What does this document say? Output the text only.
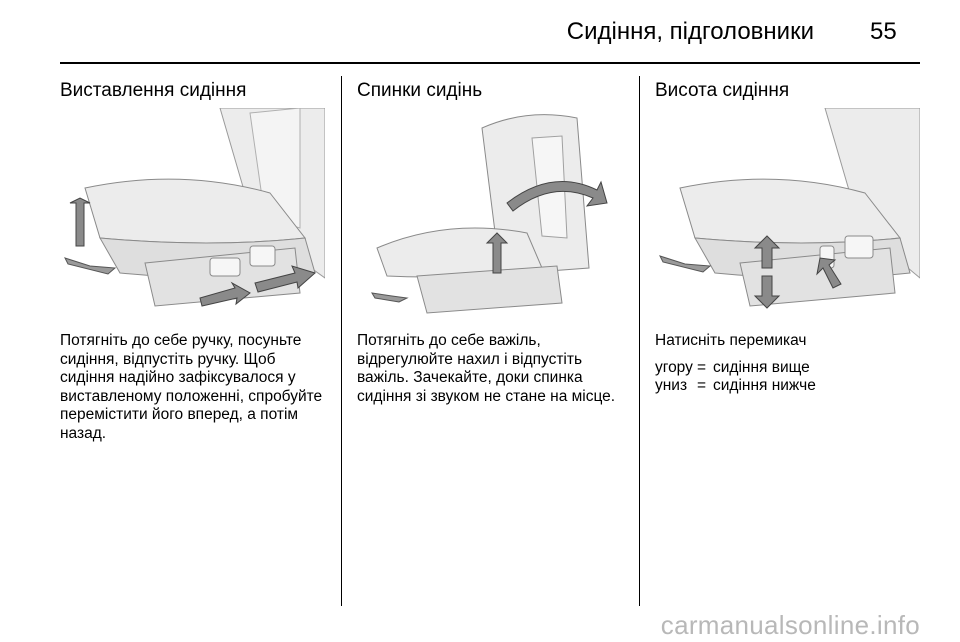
Сидіння, підголовники 55
Виставлення сидіння
Потягніть до себе ручку, посуньте сидіння, відпустіть ручку. Щоб сидіння надійно зафіксувалося у виставленому положенні, спробуйте перемістити його вперед, а потім назад.
Спинки сидінь
Потягніть до себе важіль, відрегулюйте нахил і відпустіть важіль. Зачекайте, доки спинка сидіння зі звуком не стане на місце.
Висота сидіння
Натисніть перемикач
угору = сидіння вище
униз = сидіння нижче
carmanualsonline.info
